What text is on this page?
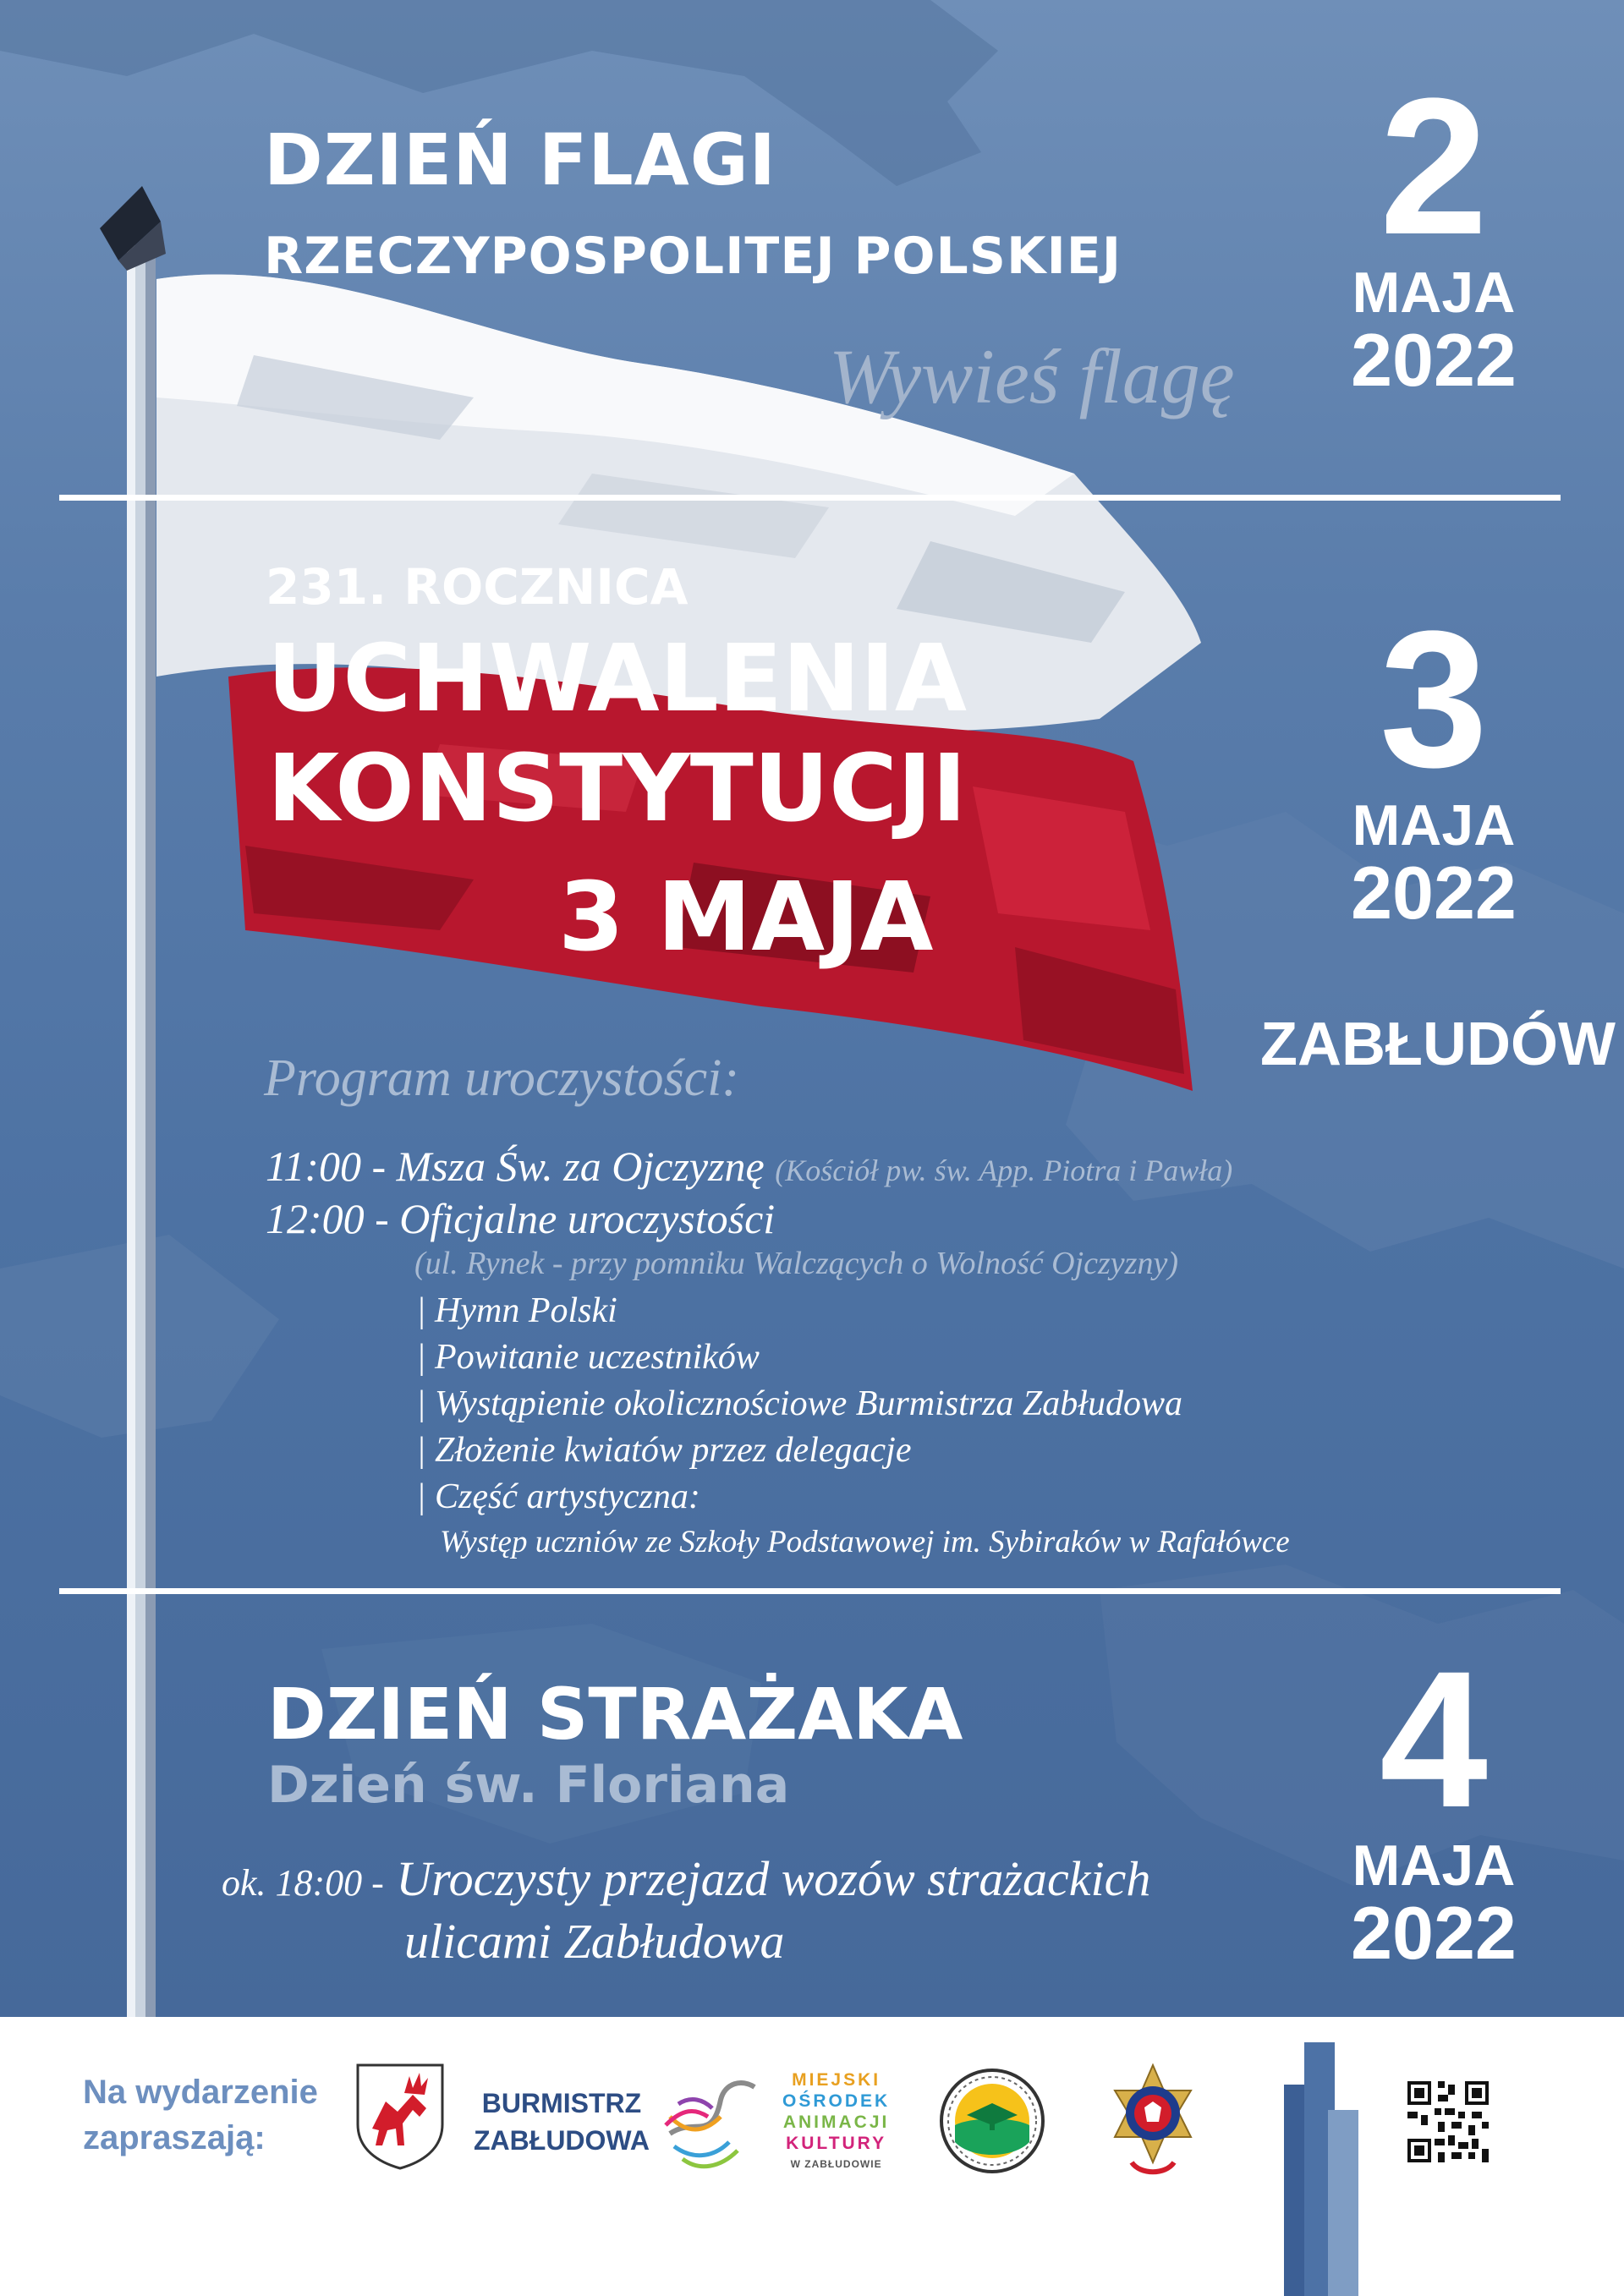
DZIEŃ FLAGI

RZECZYPOSPOLITEJ POLSKIEJ

Wywieś flagę

2
MAJA
2022

231. ROCZNICA

UCHWALENIA

KONSTYTUCJI

3 MAJA

3
MAJA
2022

ZABŁUDÓW

Program uroczystości:

11:00 - Msza Św. za Ojczyznę (Kościół pw. św. App. Piotra i Pawła)

12:00 - Oficjalne uroczystości

(ul. Rynek - przy pomniku Walczących o Wolność Ojczyzny)

| Hymn Polski

| Powitanie uczestników

| Wystąpienie okolicznościowe Burmistrza Zabłudowa

| Złożenie kwiatów przez delegacje

| Część artystyczna:

Występ uczniów ze Szkoły Podstawowej im. Sybiraków w Rafałówce

DZIEŃ STRAŻAKA

Dzień św. Floriana

ok. 18:00 - Uroczysty przejazd wozów strażackich

ulicami Zabłudowa

4
MAJA
2022
Na wydarzenie
zapraszają:
BURMISTRZ
ZABŁUDOWA
MIEJSKI
OŚRODEK
ANIMACJI
KULTURY
W ZABŁUDOWIE
